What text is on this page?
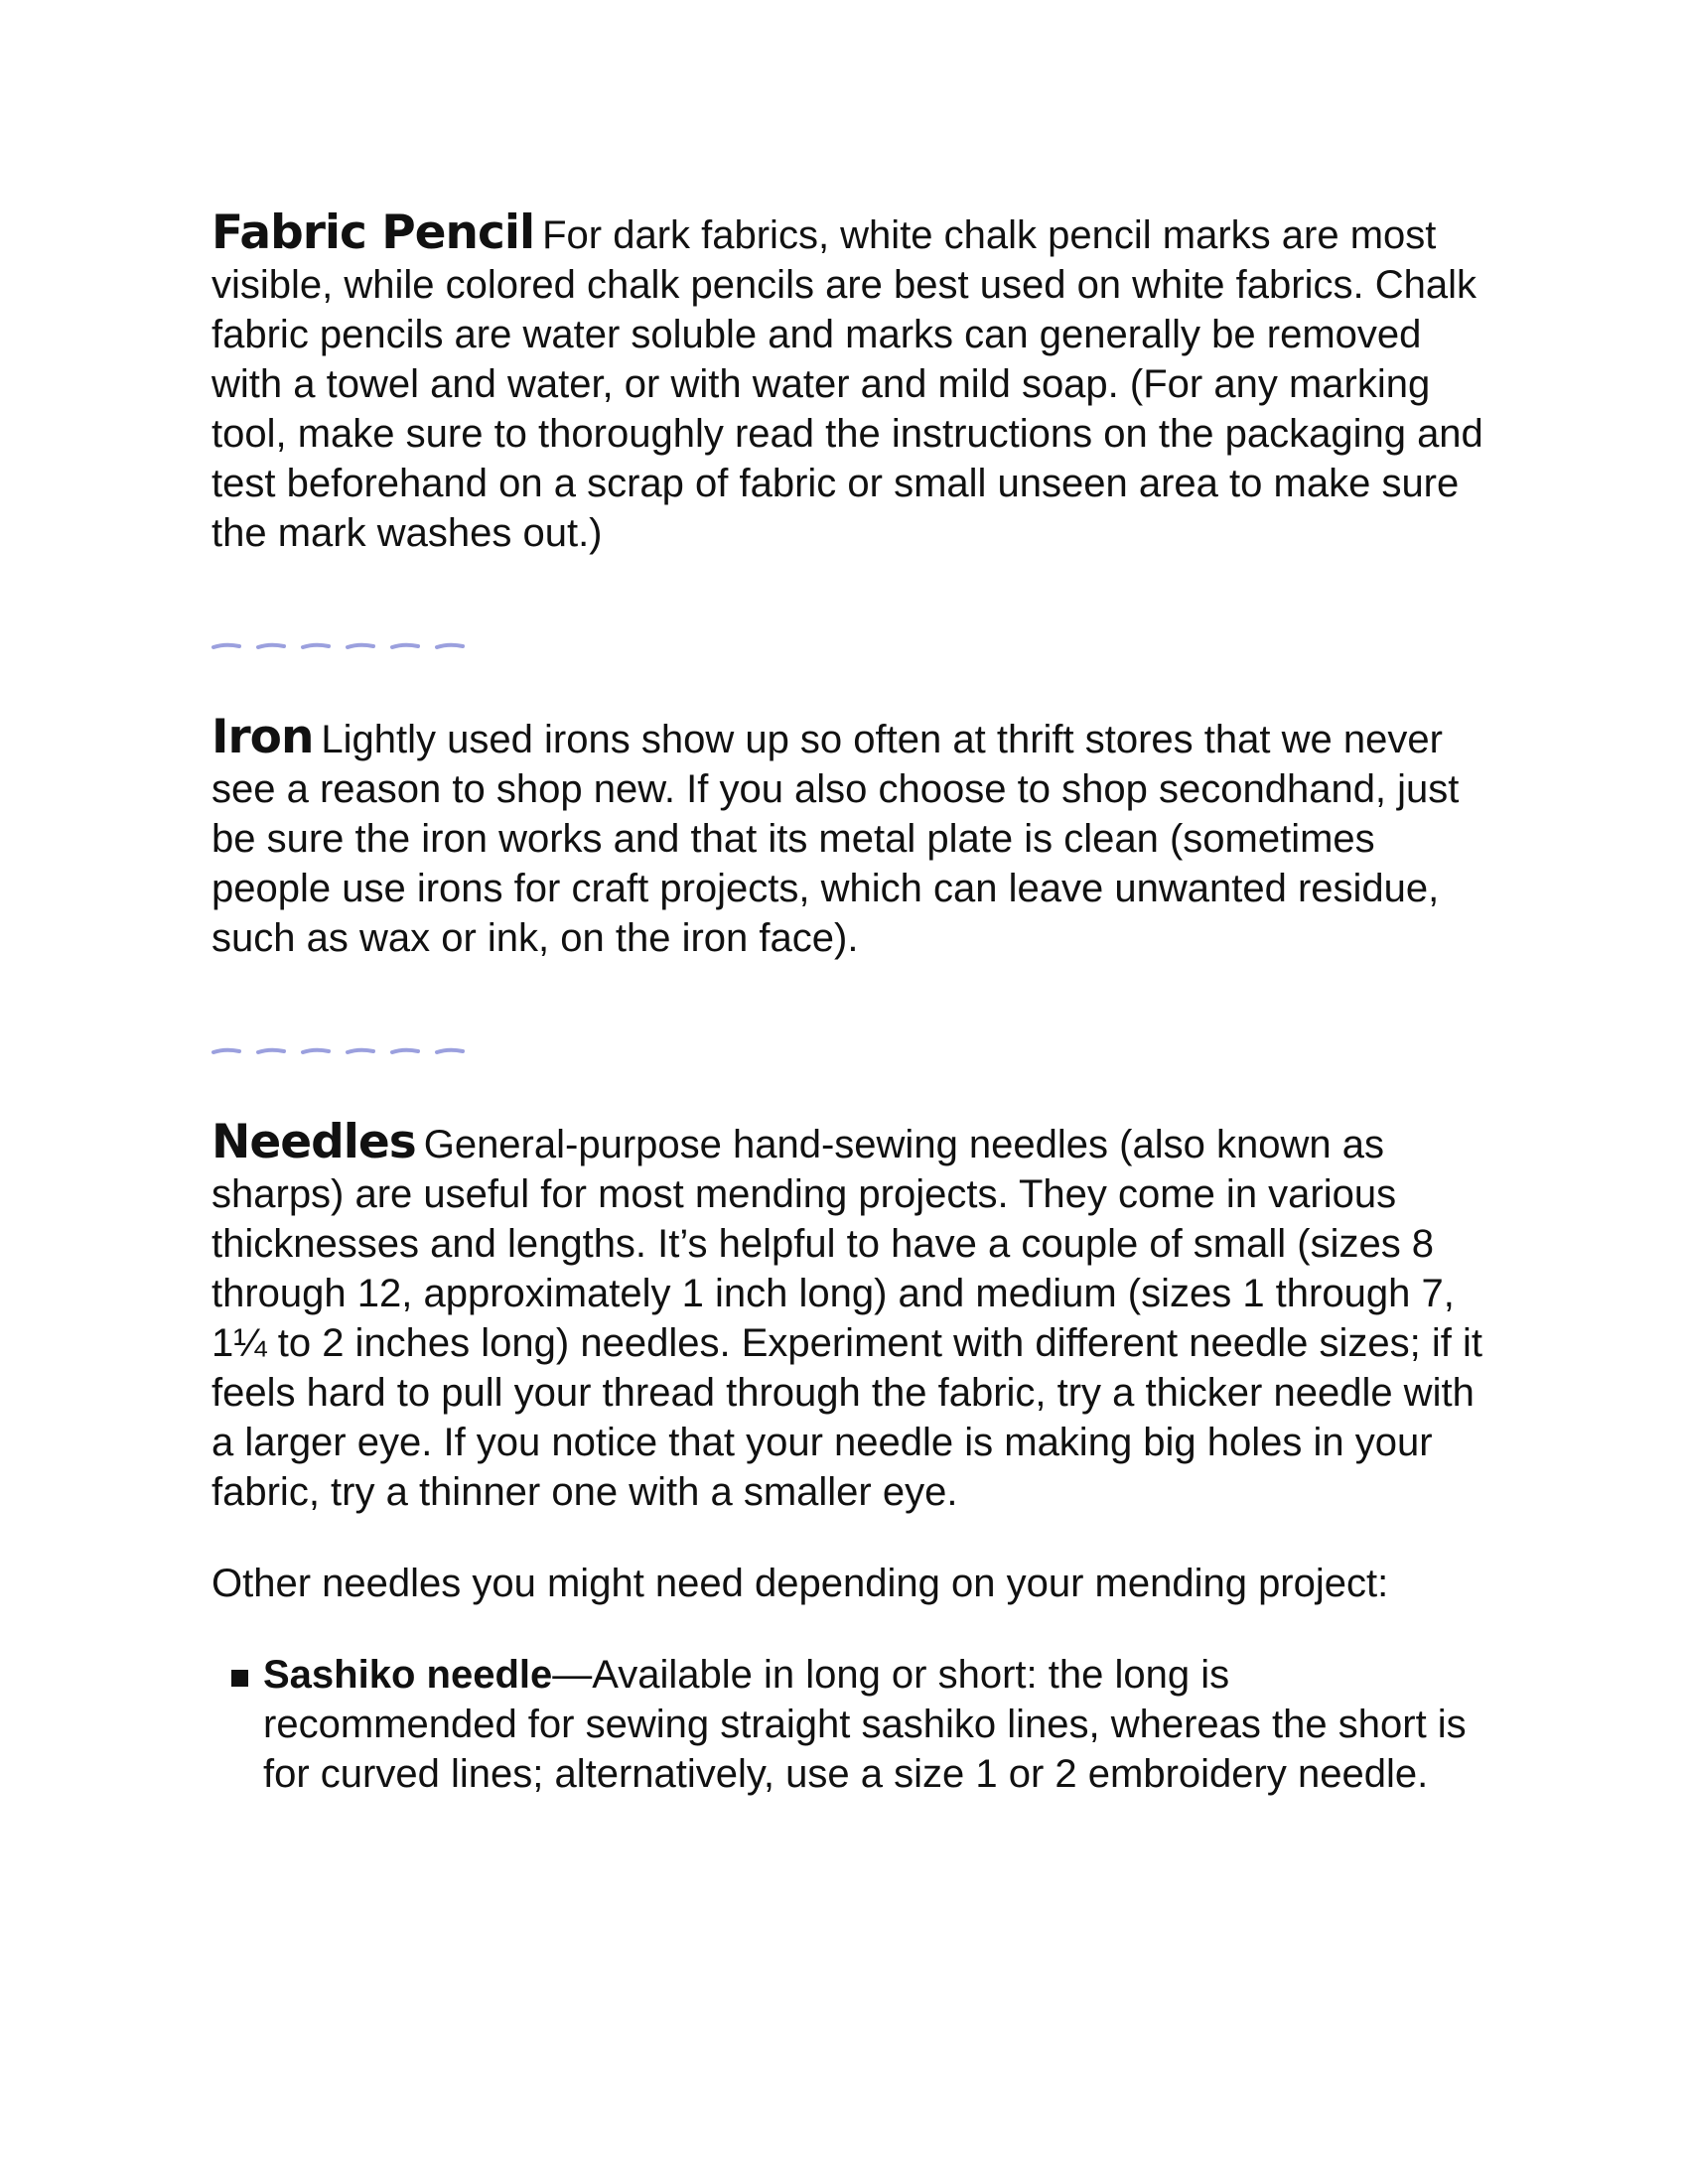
Fabric Pencil For dark fabrics, white chalk pencil marks are most visible, while colored chalk pencils are best used on white fabrics. Chalk fabric pencils are water soluble and marks can generally be removed with a towel and water, or with water and mild soap. (For any marking tool, make sure to thoroughly read the instructions on the packaging and test beforehand on a scrap of fabric or small unseen area to make sure the mark washes out.)

Iron Lightly used irons show up so often at thrift stores that we never see a reason to shop new. If you also choose to shop secondhand, just be sure the iron works and that its metal plate is clean (sometimes people use irons for craft projects, which can leave unwanted residue, such as wax or ink, on the iron face).

Needles General-purpose hand-sewing needles (also known as sharps) are useful for most mending projects. They come in various thicknesses and lengths. It’s helpful to have a couple of small (sizes 8 through 12, approximately 1 inch long) and medium (sizes 1 through 7, 1¼ to 2 inches long) needles. Experiment with different needle sizes; if it feels hard to pull your thread through the fabric, try a thicker needle with a larger eye. If you notice that your needle is making big holes in your fabric, try a thinner one with a smaller eye.

Other needles you might need depending on your mending project:

Sashiko needle—Available in long or short: the long is recommended for sewing straight sashiko lines, whereas the short is for curved lines; alternatively, use a size 1 or 2 embroidery needle.
